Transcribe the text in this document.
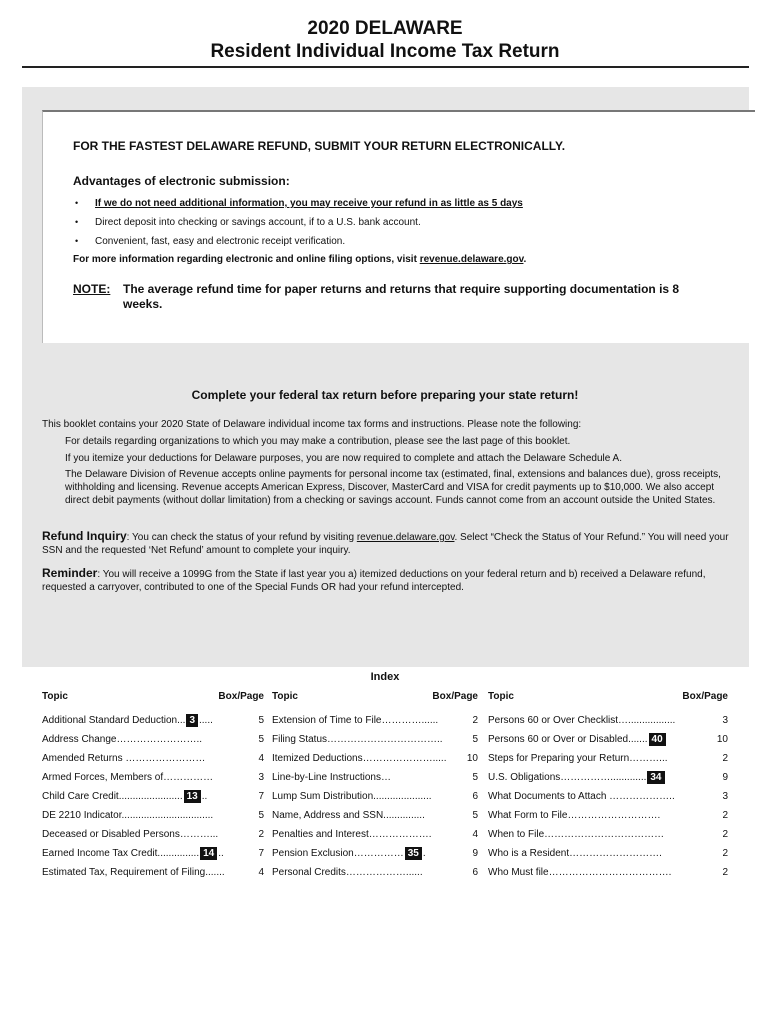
2020 DELAWARE
Resident Individual Income Tax Return
FOR THE FASTEST DELAWARE REFUND, SUBMIT YOUR RETURN ELECTRONICALLY.
Advantages of electronic submission:
• If we do not need additional information, you may receive your refund in as little as 5 days
• Direct deposit into checking or savings account, if to a U.S. bank account.
• Convenient, fast, easy and electronic receipt verification.
For more information regarding electronic and online filing options, visit revenue.delaware.gov.
NOTE: The average refund time for paper returns and returns that require supporting documentation is 8 weeks.
Complete your federal tax return before preparing your state return!
This booklet contains your 2020 State of Delaware individual income tax forms and instructions. Please note the following:
For details regarding organizations to which you may make a contribution, please see the last page of this booklet.
If you itemize your deductions for Delaware purposes, you are now required to complete and attach the Delaware Schedule A.
The Delaware Division of Revenue accepts online payments for personal income tax (estimated, final, extensions and balances due), gross receipts, withholding and licensing. Revenue accepts American Express, Discover, MasterCard and VISA for credit payments up to $10,000. We also accept direct debit payments (without dollar limitation) from a checking or savings account. Funds cannot come from an account outside the United States.
Refund Inquiry: You can check the status of your refund by visiting revenue.delaware.gov. Select “Check the Status of Your Refund.” You will need your SSN and the requested ‘Net Refund’ amount to complete your inquiry.
Reminder: You will receive a 1099G from the State if last year you a) itemized deductions on your federal return and b) received a Delaware refund, requested a carryover, contributed to one of the Special Funds OR had your refund intercepted.
Index
Topic	Box/Page
Additional Standard Deduction... 3 .....	5
Address Change……………………..	5
Amended Returns ……………………	4
Armed Forces, Members of……………	3
Child Care Credit....................... 13 ..	7
DE 2210 Indicator.................................	5
Deceased or Disabled Persons………...	2
Earned Income Tax Credit............... 14 ..	7
Estimated Tax, Requirement of Filing.......	4
Topic	Box/Page
Extension of Time to File…………......	2
Filing Status……………………………..	5
Itemized Deductions…………………..... 10
Line-by-Line Instructions…	5
Lump Sum Distribution.....................	6
Name, Address and SSN...............	5
Penalties and Interest……………….	4
Pension Exclusion…………… 35 .	9
Personal Credits………………......	6
Topic	Box/Page
Persons 60 or Over Checklist….................	3
Persons 60 or Over or Disabled....... 40	10
Steps for Preparing your Return………...	2
U.S. Obligations……………............. 34	9
What Documents to Attach ………………..	3
What Form to File……………………….	2
When to File………………………………	2
Who is a Resident……………………….	2
Who Must file……………………………….	2
